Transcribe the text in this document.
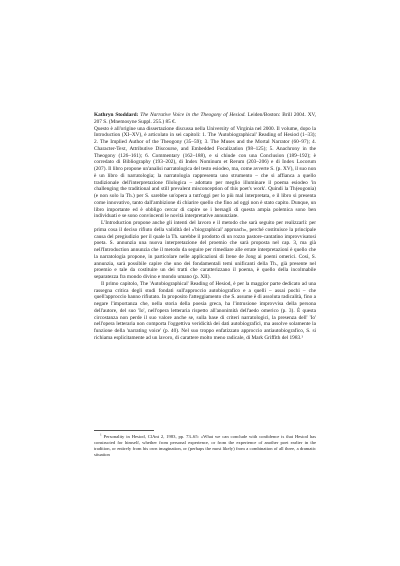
Kathryn Stoddard: The Narrative Voice in the Theogony of Hesiod. Leiden/Boston: Brill 2004. XV, 207 S. (Mnemosyne Suppl. 255.) 85 €.

Questo è all'origine una dissertazione discussa nella University of Virginia nel 2000. Il volume, dopo la Introduction (XI–XV), è articolato in sei capitoli: 1. The 'Autobiographical' Reading of Hesiod (1–33); 2. The Implied Author of the Theogony (35–59); 3. The Muses and the Mortal Narrator (60–97); 4. Character-Text, Attributive Discourse, and Embedded Focalization (98–125); 5. Anachrony in the Theogony (126–161); 6. Commentary (162–188), e si chiude con una Conclusion (189–192); è corredato di Bibliography (193–202), di Index Nominum et Rerum (203–206) e di Index Locorum (207). Il libro propone un'analisi narratologica del testo esiodeo, ma, come avverte S. (p. XV), il suo non è un libro di narratologia; la narratologia rappresenta uno strumento – che si affianca a quello tradizionale dell'interpretazione filologica – adottato per meglio illuminare il poema esiodeo 'in challenging the traditional and still prevalent misconception of this poet's work'. Quindi la Th(eogonia) (e non solo la Th.) per S. sarebbe un'opera a tutt'oggi per lo più mal interpretata, e il libro si presenta come innovativo, tanto dall'ambizione di chiarire quello che fino ad oggi non è stato capito. Dunque, un libro importante ed è obbligo cercar di capire se i bersagli di questa ampia polemica sono ben individuati e se sono convincenti le novità interpretative annunziate.

L'Introduction propone anche gli intenti del lavoro e il metodo che sarà seguito per realizzarli: per prima cosa il deciso rifiuto della validità del «'biographical' approach», perché costituisce la principale causa del pregiudizio per il quale la Th. sarebbe il prodotto di un rozzo pastore-cantatino improvvisatosi poeta. S. annunzia una nuova interpretazione del proemio che sarà proposta nel cap. 3, ma già nell'Introduction annunzia che il metodo da seguire per rimediare alle errate interpretazioni è quello che la narratologia propone, in particolare nelle applicazioni di Irene de Jong ai poemi omerici. Così, S. annunzia, sarà possibile capire che uno dei fondamentali temi unificanti della Th., già presente nel proemio e tale da costituire un dei tratti che caratterizzano il poema, è quello della incolmabile separatezza fra mondo divino e mondo umano (p. XII).

Il primo capitolo, The 'Autobiographical' Reading of Hesiod, è per la maggior parte dedicato ad una rassegna critica degli studi fondati sull'approccio autobiografico e a quelli – assai pochi – che quell'approccio hanno rifiutato. In proposito l'atteggiamento che S. assume è di assoluta radicalità, fino a negare l'importanza che, nella storia della poesia greca, ha l'intrusione improvvisa della persona dell'autore, del suo 'Io', nell'opera letteraria rispetto all'anonimità dell'aedo omerico (p. 3). È questa circostanza non perde il suo valore anche se, sulla base di criteri narratologici, la presenza dell' 'Io' nell'opera letteraria non comporta l'oggettiva veridicità dei dati autobiografici, ma assolve solamente la funzione della 'narrating voice' (p. 40). Nel suo troppo enfatizzato approccio antiautobiografico, S. si richiama esplicitamente ad un lavoro, di carattere molto meno radicale, di Mark Griffith del 1983.¹

$^1$ Personality in Hesiod, ClAnt 2, 1983, pp. 73–65: «What we can conclude with confidence is that Hesiod has constructed for himself, whether from personal experience, or from the experience of another poet earlier in the tradition, or entirely from his own imagination, or (perhaps the most likely) from a combination of all three, a dramatic situation
